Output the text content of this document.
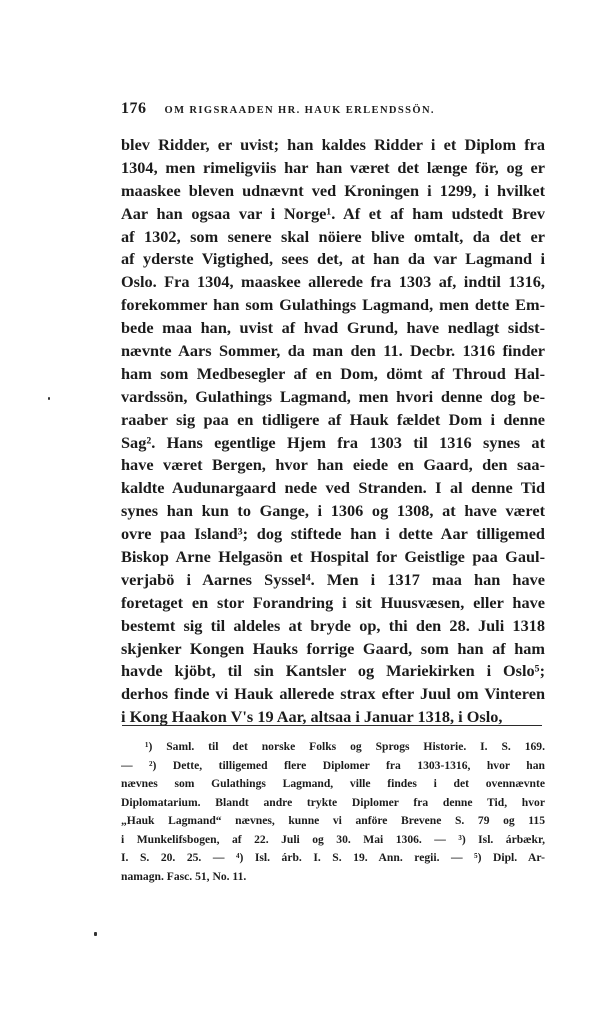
176 OM RIGSRAADEN HR. HAUK ERLENDSSÖN.
blev Ridder, er uvist; han kaldes Ridder i et Diplom fra
1304, men rimeligviis har han været det længe för, og er
maaskee bleven udnævnt ved Kroningen i 1299, i hvilket
Aar han ogsaa var i Norge¹. Af et af ham udstedt Brev
af 1302, som senere skal nöiere blive omtalt, da det er
af yderste Vigtighed, sees det, at han da var Lagmand i
Oslo. Fra 1304, maaskee allerede fra 1303 af, indtil 1316,
forekommer han som Gulathings Lagmand, men dette Em-
bede maa han, uvist af hvad Grund, have nedlagt sidst-
nævnte Aars Sommer, da man den 11. Decbr. 1316 finder
ham som Medbesegler af en Dom, dömt af Throud Hal-
vardssön, Gulathings Lagmand, men hvori denne dog be-
raaber sig paa en tidligere af Hauk fældet Dom i denne
Sag². Hans egentlige Hjem fra 1303 til 1316 synes at
have været Bergen, hvor han eiede en Gaard, den saa-
kaldte Audunargaard nede ved Stranden. I al denne Tid
synes han kun to Gange, i 1306 og 1308, at have været
ovre paa Island³; dog stiftede han i dette Aar tilligemed
Biskop Arne Helgasön et Hospital for Geistlige paa Gaul-
verjabö i Aarnes Syssel⁴. Men i 1317 maa han have
foretaget en stor Forandring i sit Huusvæsen, eller have
bestemt sig til aldeles at bryde op, thi den 28. Juli 1318
skjenker Kongen Hauks forrige Gaard, som han af ham
havde kjöbt, til sin Kantsler og Mariekirken i Oslo⁵;
derhos finde vi Hauk allerede strax efter Juul om Vinteren
i Kong Haakon V's 19 Aar, altsaa i Januar 1318, i Oslo,
¹) Saml. til det norske Folks og Sprogs Historie. I. S. 169.
— ²) Dette, tilligemed flere Diplomer fra 1303-1316, hvor han
nævnes som Gulathings Lagmand, ville findes i det ovennævnte
Diplomatarium. Blandt andre trykte Diplomer fra denne Tid, hvor
„Hauk Lagmand“ nævnes, kunne vi anföre Brevene S. 79 og 115
i Munkelifsbogen, af 22. Juli og 30. Mai 1306. — ³) Isl. árbækr,
I. S. 20. 25. — ⁴) Isl. árb. I. S. 19. Ann. regii. — ⁵) Dipl. Ar-
namagn. Fasc. 51, No. 11.
